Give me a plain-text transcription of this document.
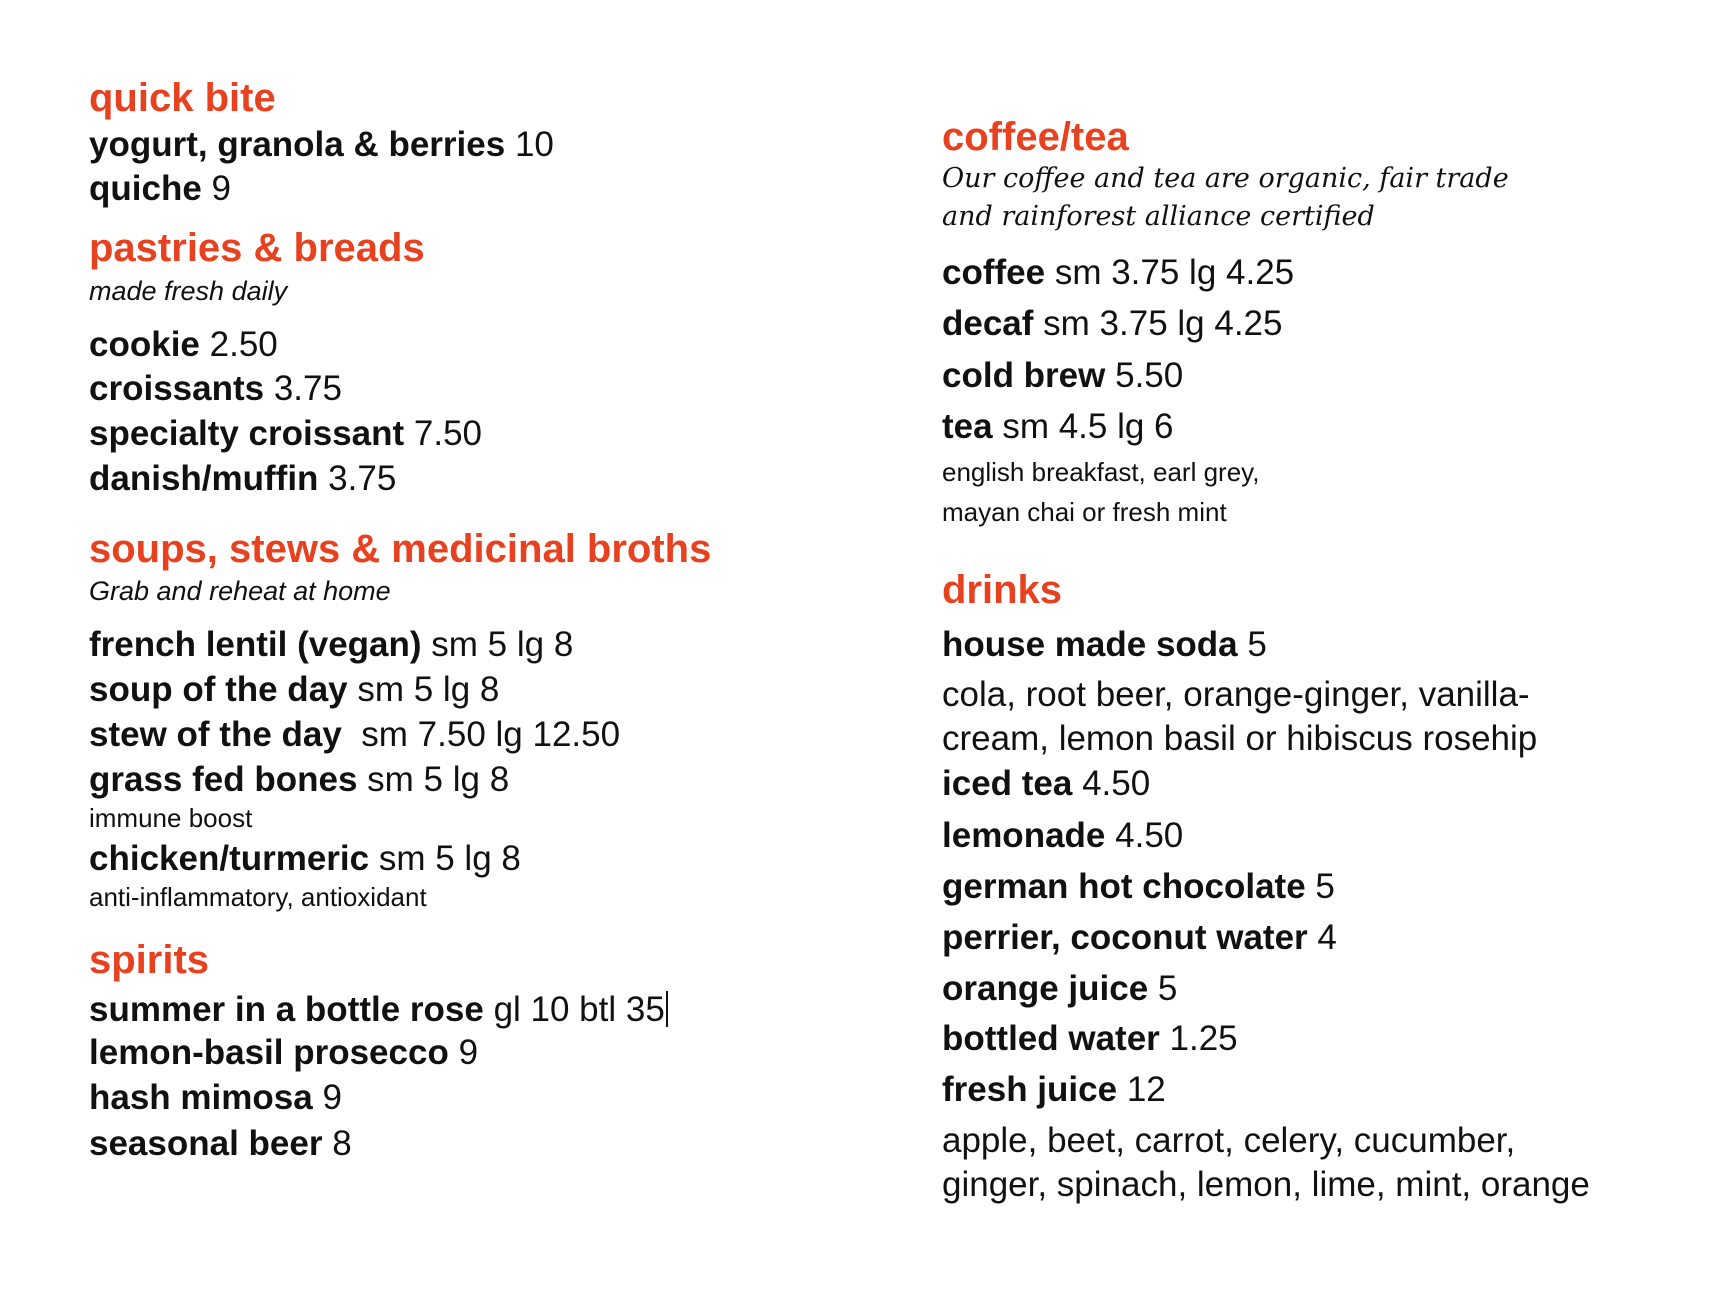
quick bite
yogurt, granola & berries 10
quiche 9
pastries & breads
made fresh daily
cookie 2.50
croissants 3.75
specialty croissant 7.50
danish/muffin 3.75
soups, stews & medicinal broths
Grab and reheat at home
french lentil (vegan) sm 5 lg 8
soup of the day sm 5 lg 8
stew of the day  sm 7.50 lg 12.50
grass fed bones sm 5 lg 8
immune boost
chicken/turmeric sm 5 lg 8
anti-inflammatory, antioxidant
spirits
summer in a bottle rose gl 10 btl 35
lemon-basil prosecco 9
hash mimosa 9
seasonal beer 8
coffee/tea
Our coffee and tea are organic, fair trade
and rainforest alliance certified
coffee sm 3.75 lg 4.25
decaf sm 3.75 lg 4.25
cold brew 5.50
tea sm 4.5 lg 6
english breakfast, earl grey,
mayan chai or fresh mint
drinks
house made soda 5
cola, root beer, orange-ginger, vanilla-
cream, lemon basil or hibiscus rosehip
iced tea 4.50
lemonade 4.50
german hot chocolate 5
perrier, coconut water 4
orange juice 5
bottled water 1.25
fresh juice 12
apple, beet, carrot, celery, cucumber,
ginger, spinach, lemon, lime, mint, orange
